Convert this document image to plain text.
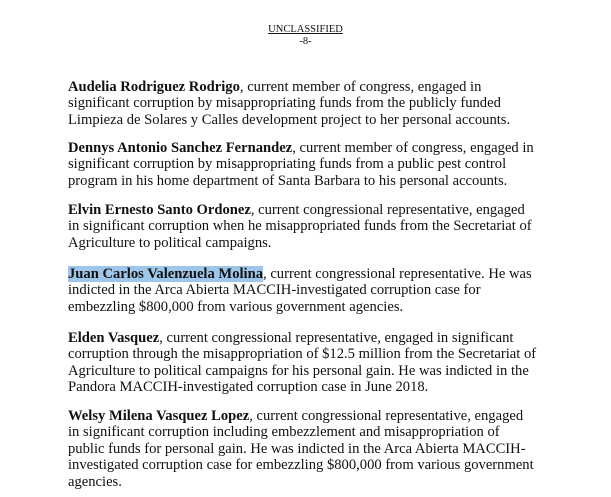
UNCLASSIFIED
-8-

Audelia Rodriguez Rodrigo, current member of congress, engaged in significant corruption by misappropriating funds from the publicly funded Limpieza de Solares y Calles development project to her personal accounts.

Dennys Antonio Sanchez Fernandez, current member of congress, engaged in significant corruption by misappropriating funds from a public pest control program in his home department of Santa Barbara to his personal accounts.

Elvin Ernesto Santo Ordonez, current congressional representative, engaged in significant corruption when he misappropriated funds from the Secretariat of Agriculture to political campaigns.

Juan Carlos Valenzuela Molina, current congressional representative. He was indicted in the Arca Abierta MACCIH-investigated corruption case for embezzling $800,000 from various government agencies.

Elden Vasquez, current congressional representative, engaged in significant corruption through the misappropriation of $12.5 million from the Secretariat of Agriculture to political campaigns for his personal gain. He was indicted in the Pandora MACCIH-investigated corruption case in June 2018.

Welsy Milena Vasquez Lopez, current congressional representative, engaged in significant corruption including embezzlement and misappropriation of public funds for personal gain. He was indicted in the Arca Abierta MACCIH-investigated corruption case for embezzling $800,000 from various government agencies.
